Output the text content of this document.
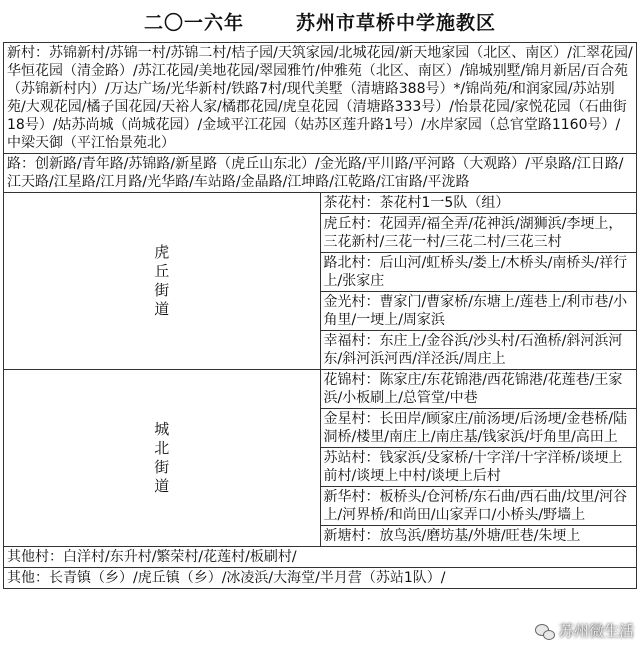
二〇一六年	苏州市草桥中学施教区
新村：苏锦新村/苏锦一村/苏锦二村/桔子园/天筑家园/北城花园/新天地家园（北区、南区）/汇翠花园/华恒花园（清金路）/苏江花园/美地花园/翠园雅竹/仲雅苑（北区、南区）/锦城别墅/锦月新居/百合苑（苏锦新村内）/万达广场/光华新村/铁路7村/现代美墅（清塘路388号）*/锦尚苑/和润家园/苏站别苑/大观花园/橘子国花园/天裕人家/橘郡花园/虎皇花园（清塘路333号）/怡景花园/家悦花园（石曲街18号）/姑苏尚城（尚城花园）/金域平江花园（姑苏区莲升路1号）/水岸家园（总官堂路1160号）/中梁天御（平江怡景苑北）	
路：创新路/青年路/苏锦路/新星路（虎丘山东北）/金光路/平川路/平河路（大观路）/平泉路/江日路/江天路/江星路/江月路/光华路/车站路/金晶路/江坤路/江乾路/江宙路/平泷路	
虎丘街道	茶花村：茶花村1一5队（组）
	虎丘村：花园弄/福全弄/花神浜/湖狮浜/李埂上，三花新村/三花一村/三花二村/三花三村
	路北村：后山河/虹桥头/娄上/木桥头/南桥头/祥行上/张家庄
	金光村：曹家门/曹家桥/东塘上/莲巷上/利市巷/小角里/一埂上/周家浜
	幸福村：东庄上/金谷浜/沙头村/石渔桥/斜河浜河东/斜河浜河西/洋泾浜/周庄上
城北街道	花锦村：陈家庄/东花锦港/西花锦港/花莲巷/王家浜/小板刷上/总管堂/中巷
	金星村：长田岸/顾家庄/前汤埂/后汤埂/金巷桥/陆洞桥/楼里/南庄上/南庄基/钱家浜/圩角里/高田上
	苏站村：钱家浜/殳家桥/十字洋/十字洋桥/谈埂上前村/谈埂上中村/谈埂上后村
	新华村：板桥头/仓河桥/东石曲/西石曲/坟里/河谷上/河界桥/和尚田/山家弄口/小桥头/野墙上
	新塘村：放鸟浜/磨坊基/外塘/旺巷/朱埂上
其他村：白洋村/东升村/繁荣村/花莲村/板刷村/	
其他：长青镇（乡）/虎丘镇（乡）/冰凌浜/大海堂/半月营（苏站1队）/	
苏州微生活
